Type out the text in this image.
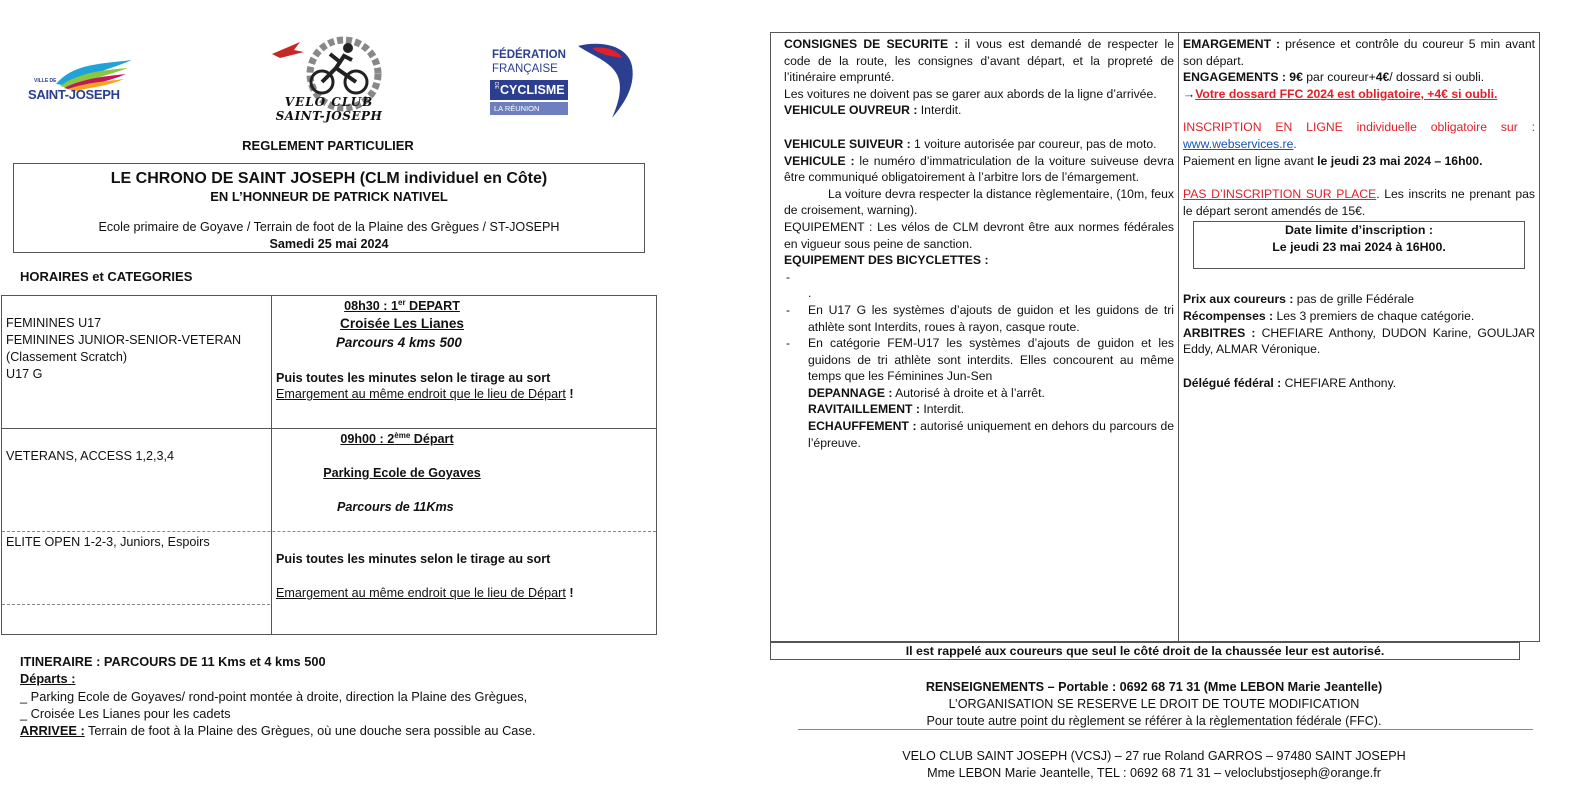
VILLE DE
SAINT-JOSEPH	VELO CLUB
SAINT-JOSEPH
FÉDÉRATION
FRANÇAISE
DE CYCLISME
LA RÉUNION
REGLEMENT PARTICULIER
LE CHRONO DE SAINT JOSEPH (CLM individuel en Côte)
EN L’HONNEUR DE PATRICK NATIVEL
Ecole primaire de Goyave / Terrain de foot de la Plaine des Grègues / ST-JOSEPH
Samedi 25 mai 2024
HORAIRES et CATEGORIES
FEMININES U17
FEMININES JUNIOR-SENIOR-VETERAN
(Classement Scratch)
U17 G
08h30 : 1er DEPART
Croisée Les Lianes
Parcours 4 kms 500
Puis toutes les minutes selon le tirage au sort
Emargement au même endroit que le lieu de Départ !
VETERANS, ACCESS 1,2,3,4
09h00 : 2ème Départ
Parking Ecole de Goyaves
Parcours de 11Kms
ELITE OPEN 1-2-3, Juniors, Espoirs
Puis toutes les minutes selon le tirage au sort
Emargement au même endroit que le lieu de Départ !
ITINERAIRE : PARCOURS DE 11 Kms et 4 kms 500
Départs :
_ Parking Ecole de Goyaves/ rond-point montée à droite, direction la Plaine des Grègues,
_ Croisée Les Lianes pour les cadets
ARRIVEE : Terrain de foot à la Plaine des Grègues, où une douche sera possible au Case.
CONSIGNES DE SECURITE : il vous est demandé de respecter le code de la route, les consignes d’avant départ, et la propreté de l’itinéraire emprunté.
Les voitures ne doivent pas se garer aux abords de la ligne d’arrivée.
VEHICULE OUVREUR : Interdit.
VEHICULE SUIVEUR : 1 voiture autorisée par coureur, pas de moto.
VEHICULE : le numéro d’immatriculation de la voiture suiveuse devra être communiqué obligatoirement à l’arbitre lors de l’émargement.
La voiture devra respecter la distance règlementaire, (10m, feux de croisement, warning).
EQUIPEMENT : Les vélos de CLM devront être aux normes fédérales en vigueur sous peine de sanction.
EQUIPEMENT DES BICYCLETTES :

- .
- En U17 G les systèmes d’ajouts de guidon et les guidons de tri athlète sont Interdits, roues à rayon, casque route.
- En catégorie FEM-U17 les systèmes d’ajouts de guidon et les guidons de tri athlète sont interdits. Elles concourent au même temps que les Féminines Jun-Sen
DEPANNAGE : Autorisé à droite et à l’arrêt.
RAVITAILLEMENT : Interdit.
ECHAUFFEMENT : autorisé uniquement en dehors du parcours de l’épreuve.
EMARGEMENT : présence et contrôle du coureur 5 min avant son départ.
ENGAGEMENTS : 9€ par coureur+4€/ dossard si oubli.
→Votre dossard FFC 2024 est obligatoire, +4€ si oubli.
INSCRIPTION EN LIGNE individuelle obligatoire sur : www.webservices.re.
Paiement en ligne avant le jeudi 23 mai 2024 – 16h00.
PAS D’INSCRIPTION SUR PLACE. Les inscrits ne prenant pas le départ seront amendés de 15€.
Prix aux coureurs : pas de grille Fédérale
Récompenses : Les 3 premiers de chaque catégorie.
ARBITRES : CHEFIARE Anthony, DUDON Karine, GOULJAR Eddy, ALMAR Véronique.
Délégué fédéral : CHEFIARE Anthony.
Date limite d’inscription :
Le jeudi 23 mai 2024 à 16H00.
Il est rappelé aux coureurs que seul le côté droit de la chaussée leur est autorisé.
RENSEIGNEMENTS – Portable : 0692 68 71 31 (Mme LEBON Marie Jeantelle)
L’ORGANISATION SE RESERVE LE DROIT DE TOUTE MODIFICATION
Pour toute autre point du règlement se référer à la règlementation fédérale (FFC).
VELO CLUB SAINT JOSEPH (VCSJ) – 27 rue Roland GARROS – 97480 SAINT JOSEPH
Mme LEBON Marie Jeantelle, TEL : 0692 68 71 31 – veloclubstjoseph@orange.fr
